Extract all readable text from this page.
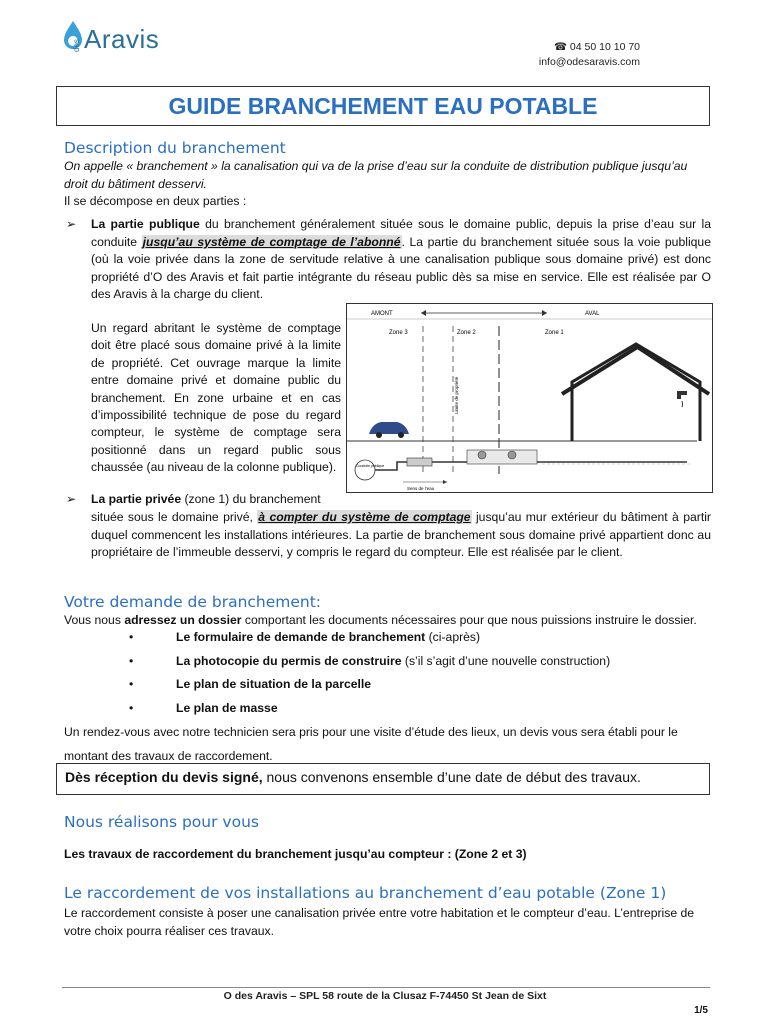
des Aravis	☎ 04 50 10 10 70
info@odesaravis.com
GUIDE BRANCHEMENT EAU POTABLE
Description du branchement

On appelle « branchement » la canalisation qui va de la prise d’eau sur la conduite de distribution publique jusqu’au droit du bâtiment desservi.

Il se décompose en deux parties :

➢ La partie publique du branchement généralement située sous le domaine public, depuis la prise d’eau sur la conduite jusqu’au système de comptage de l’abonné. La partie du branchement située sous la voie publique (où la voie privée dans la zone de servitude relative à une canalisation publique sous domaine privé) est donc propriété d’O des Aravis et fait partie intégrante du réseau public dès sa mise en service. Elle est réalisée par O des Aravis à la charge du client.

Un regard abritant le système de comptage doit être placé sous domaine privé à la limite de propriété. Cet ouvrage marque la limite entre domaine privé et domaine public du branchement. En zone urbaine et en cas d’impossibilité technique de pose du regard compteur, le système de comptage sera positionné dans un regard public sous chaussée (au niveau de la colonne publique).

AMONT	AVAL
Zone 3	Zone 2	Zone 1
Limite de propriété
Conduite publique
Sens de l’eau
➢ La partie privée (zone 1) du branchement

située sous le domaine privé, à compter du système de comptage jusqu’au mur extérieur du bâtiment à partir duquel commencent les installations intérieures. La partie de branchement sous domaine privé appartient donc au propriétaire de l’immeuble desservi, y compris le regard du compteur. Elle est réalisée par le client.

Votre demande de branchement:

Vous nous adressez un dossier comportant les documents nécessaires pour que nous puissions instruire le dossier.

•	Le formulaire de demande de branchement (ci-après)
•	La photocopie du permis de construire (s’il s’agit d’une nouvelle construction)
•	Le plan de situation de la parcelle
•	Le plan de masse

Un rendez-vous avec notre technicien sera pris pour une visite d’étude des lieux, un devis vous sera établi pour le montant des travaux de raccordement.

Dès réception du devis signé, nous convenons ensemble d’une date de début des travaux.

Nous réalisons pour vous

Les travaux de raccordement du branchement jusqu’au compteur : (Zone 2 et 3)

Le raccordement de vos installations au branchement d’eau potable (Zone 1)

Le raccordement consiste à poser une canalisation privée entre votre habitation et le compteur d’eau. L’entreprise de votre choix pourra réaliser ces travaux.

O des Aravis – SPL 58 route de la Clusaz F-74450 St Jean de Sixt
1/5
